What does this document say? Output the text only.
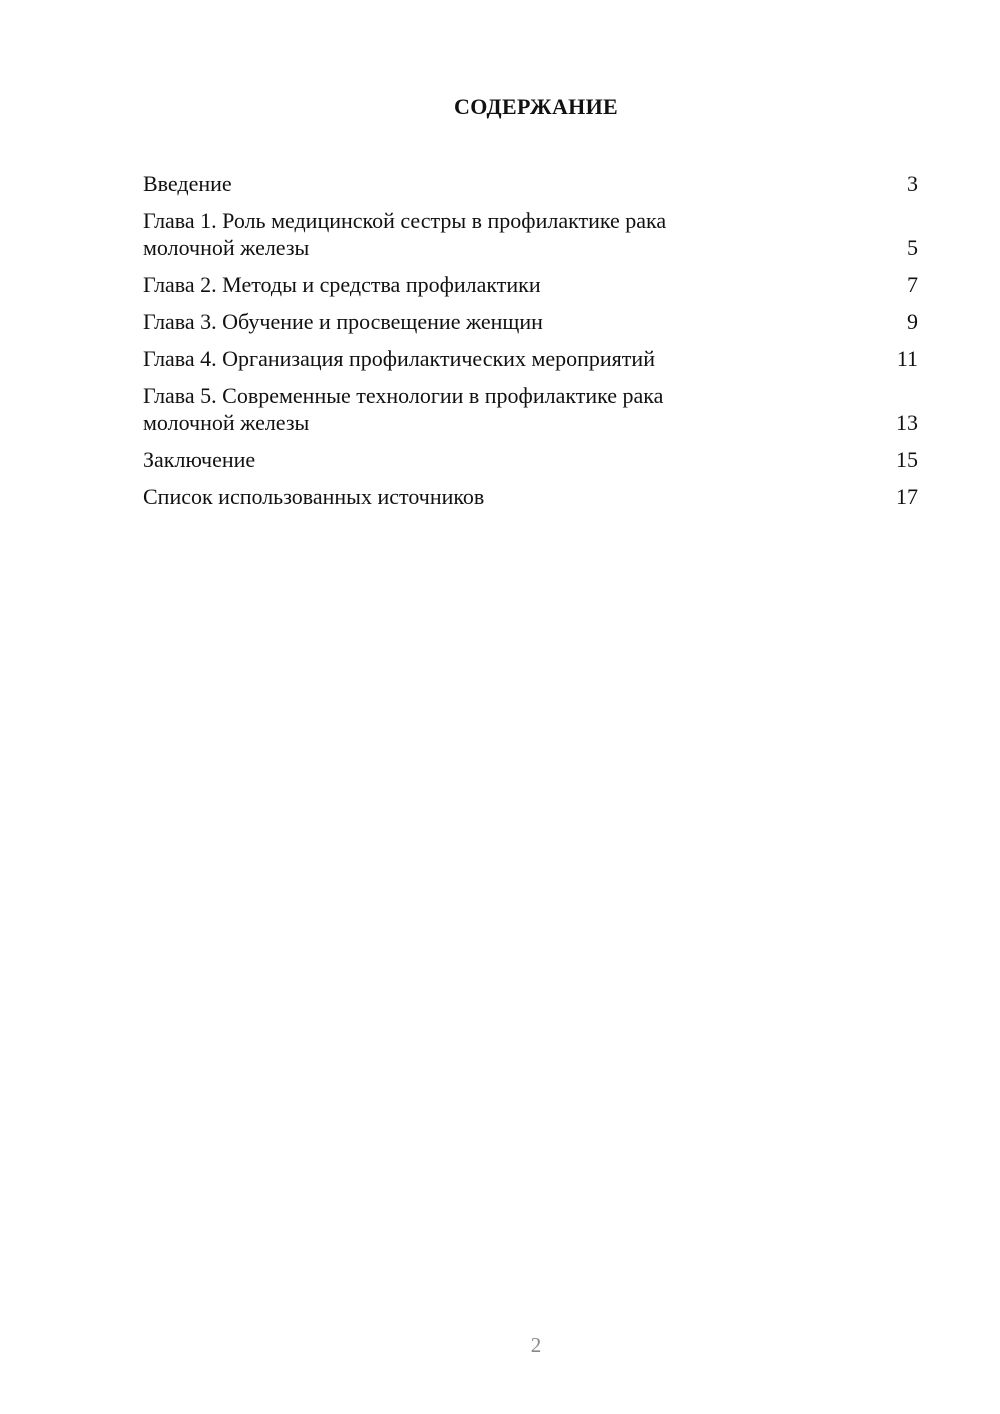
СОДЕРЖАНИЕ
Введение	3
Глава 1. Роль медицинской сестры в профилактике рака
молочной железы	5
Глава 2. Методы и средства профилактики	7
Глава 3. Обучение и просвещение женщин	9
Глава 4. Организация профилактических мероприятий	11
Глава 5. Современные технологии в профилактике рака
молочной железы	13
Заключение	15
Список использованных источников	17
2
